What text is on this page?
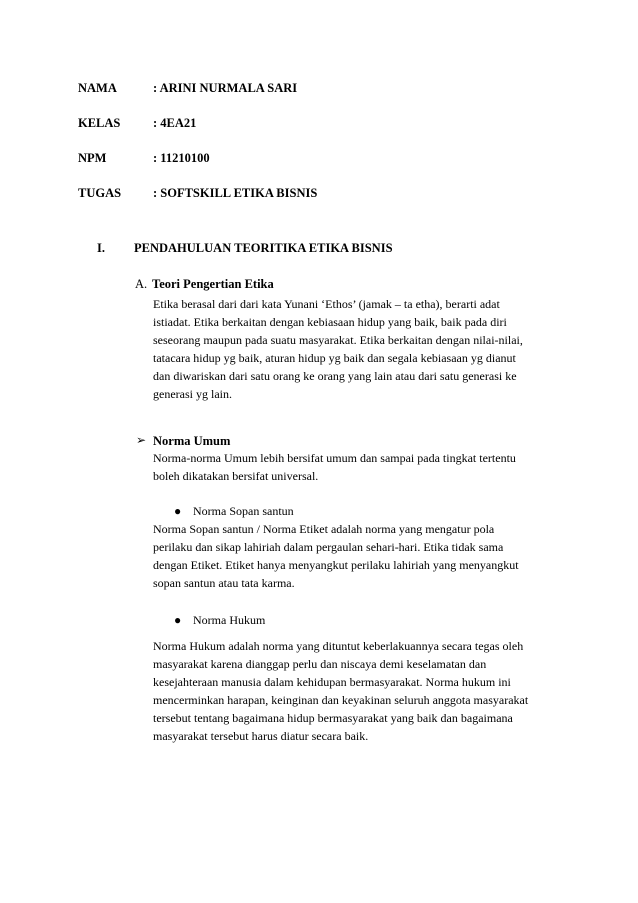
NAMA	: ARINI NURMALA SARI
KELAS	: 4EA21
NPM	: 11210100
TUGAS	: SOFTSKILL ETIKA BISNIS
I. PENDAHULUAN TEORITIKA ETIKA BISNIS
A. Teori Pengertian Etika
Etika berasal dari dari kata Yunani ‘Ethos’ (jamak – ta etha), berarti adat
istiadat. Etika berkaitan dengan kebiasaan hidup yang baik, baik pada diri
seseorang maupun pada suatu masyarakat. Etika berkaitan dengan nilai-nilai,
tatacara hidup yg baik, aturan hidup yg baik dan segala kebiasaan yg dianut
dan diwariskan dari satu orang ke orang yang lain atau dari satu generasi ke
generasi yg lain.
➢ Norma Umum
Norma-norma Umum lebih bersifat umum dan sampai pada tingkat tertentu
boleh dikatakan bersifat universal.
● Norma Sopan santun
Norma Sopan santun / Norma Etiket adalah norma yang mengatur pola
perilaku dan sikap lahiriah dalam pergaulan sehari-hari. Etika tidak sama
dengan Etiket. Etiket hanya menyangkut perilaku lahiriah yang menyangkut
sopan santun atau tata karma.
● Norma Hukum
Norma Hukum adalah norma yang dituntut keberlakuannya secara tegas oleh
masyarakat karena dianggap perlu dan niscaya demi keselamatan dan
kesejahteraan manusia dalam kehidupan bermasyarakat. Norma hukum ini
mencerminkan harapan, keinginan dan keyakinan seluruh anggota masyarakat
tersebut tentang bagaimana hidup bermasyarakat yang baik dan bagaimana
masyarakat tersebut harus diatur secara baik.
